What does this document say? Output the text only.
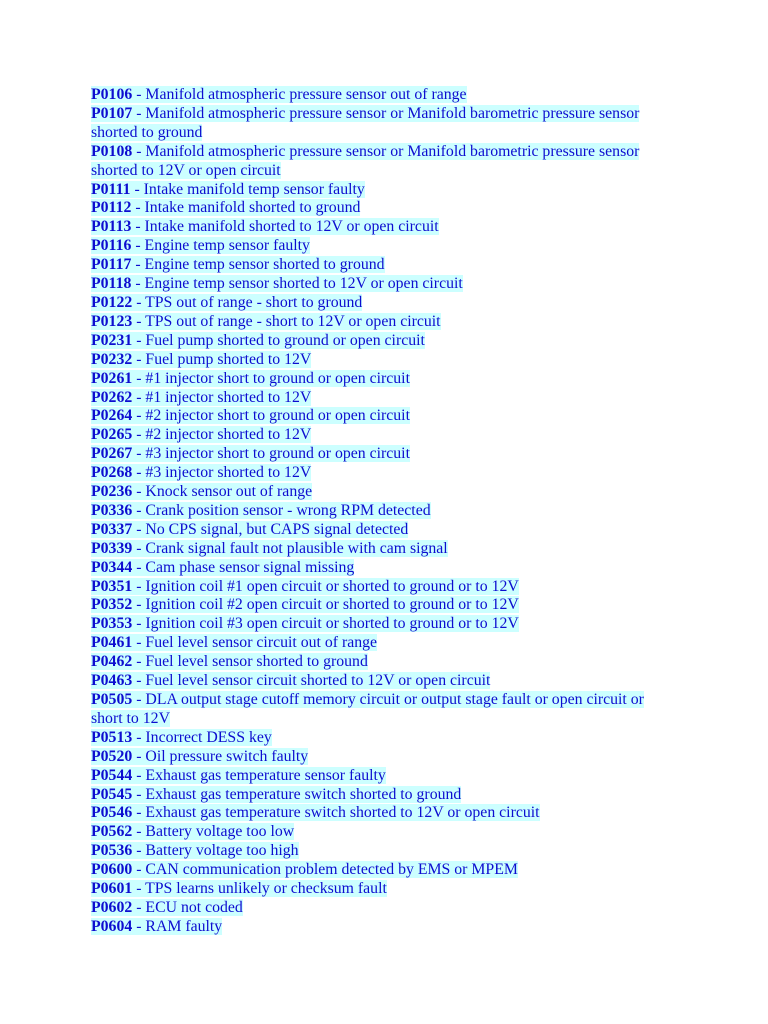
P0106 - Manifold atmospheric pressure sensor out of range

P0107 - Manifold atmospheric pressure sensor or Manifold barometric pressure sensor shorted to ground

P0108 - Manifold atmospheric pressure sensor or Manifold barometric pressure sensor shorted to 12V or open circuit

P0111 - Intake manifold temp sensor faulty

P0112 - Intake manifold shorted to ground

P0113 - Intake manifold shorted to 12V or open circuit

P0116 - Engine temp sensor faulty

P0117 - Engine temp sensor shorted to ground

P0118 - Engine temp sensor shorted to 12V or open circuit

P0122 - TPS out of range - short to ground

P0123 - TPS out of range - short to 12V or open circuit

P0231 - Fuel pump shorted to ground or open circuit

P0232 - Fuel pump shorted to 12V

P0261 - #1 injector short to ground or open circuit

P0262 - #1 injector shorted to 12V

P0264 - #2 injector short to ground or open circuit

P0265 - #2 injector shorted to 12V

P0267 - #3 injector short to ground or open circuit

P0268 - #3 injector shorted to 12V

P0236 - Knock sensor out of range

P0336 - Crank position sensor - wrong RPM detected

P0337 - No CPS signal, but CAPS signal detected

P0339 - Crank signal fault not plausible with cam signal

P0344 - Cam phase sensor signal missing

P0351 - Ignition coil #1 open circuit or shorted to ground or to 12V

P0352 - Ignition coil #2 open circuit or shorted to ground or to 12V

P0353 - Ignition coil #3 open circuit or shorted to ground or to 12V

P0461 - Fuel level sensor circuit out of range

P0462 - Fuel level sensor shorted to ground

P0463 - Fuel level sensor circuit shorted to 12V or open circuit

P0505 - DLA output stage cutoff memory circuit or output stage fault or open circuit or short to 12V

P0513 - Incorrect DESS key

P0520 - Oil pressure switch faulty

P0544 - Exhaust gas temperature sensor faulty

P0545 - Exhaust gas temperature switch shorted to ground

P0546 - Exhaust gas temperature switch shorted to 12V or open circuit

P0562 - Battery voltage too low

P0536 - Battery voltage too high

P0600 - CAN communication problem detected by EMS or MPEM

P0601 - TPS learns unlikely or checksum fault

P0602 - ECU not coded

P0604 - RAM faulty
